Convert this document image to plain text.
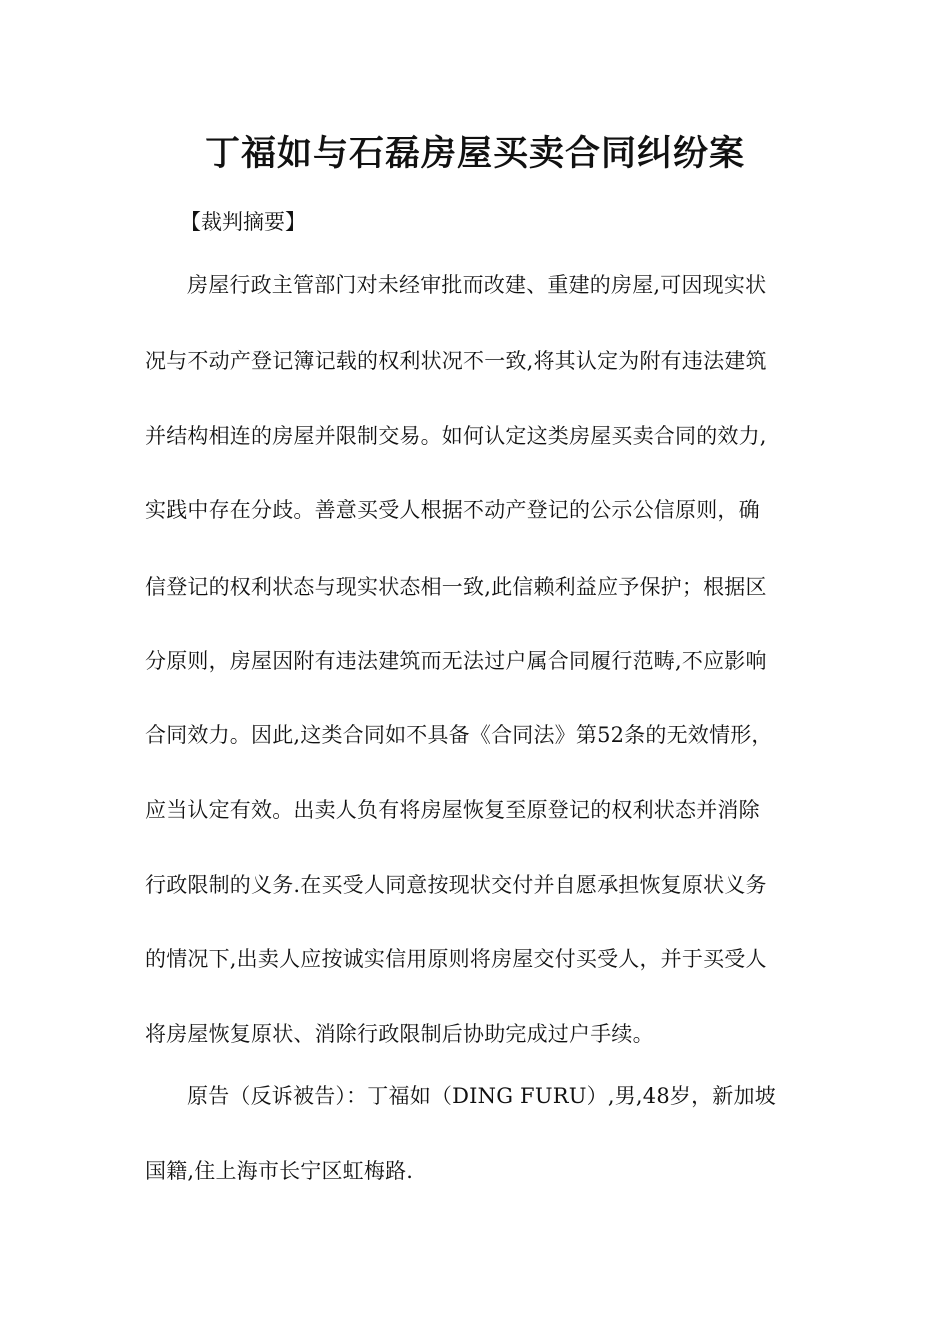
丁福如与石磊房屋买卖合同纠纷案
【裁判摘要】
房屋行政主管部门对未经审批而改建、重建的房屋,可因现实状
况与不动产登记簿记载的权利状况不一致,将其认定为附有违法建筑
并结构相连的房屋并限制交易。如何认定这类房屋买卖合同的效力,
实践中存在分歧。善意买受人根据不动产登记的公示公信原则，确
信登记的权利状态与现实状态相一致,此信赖利益应予保护；根据区
分原则，房屋因附有违法建筑而无法过户属合同履行范畴,不应影响
合同效力。因此,这类合同如不具备《合同法》第52条的无效情形，
应当认定有效。出卖人负有将房屋恢复至原登记的权利状态并消除
行政限制的义务.在买受人同意按现状交付并自愿承担恢复原状义务
的情况下,出卖人应按诚实信用原则将房屋交付买受人，并于买受人
将房屋恢复原状、消除行政限制后协助完成过户手续。
原告（反诉被告）：丁福如（DING FURU）,男,48岁，新加坡
国籍,住上海市长宁区虹梅路.
